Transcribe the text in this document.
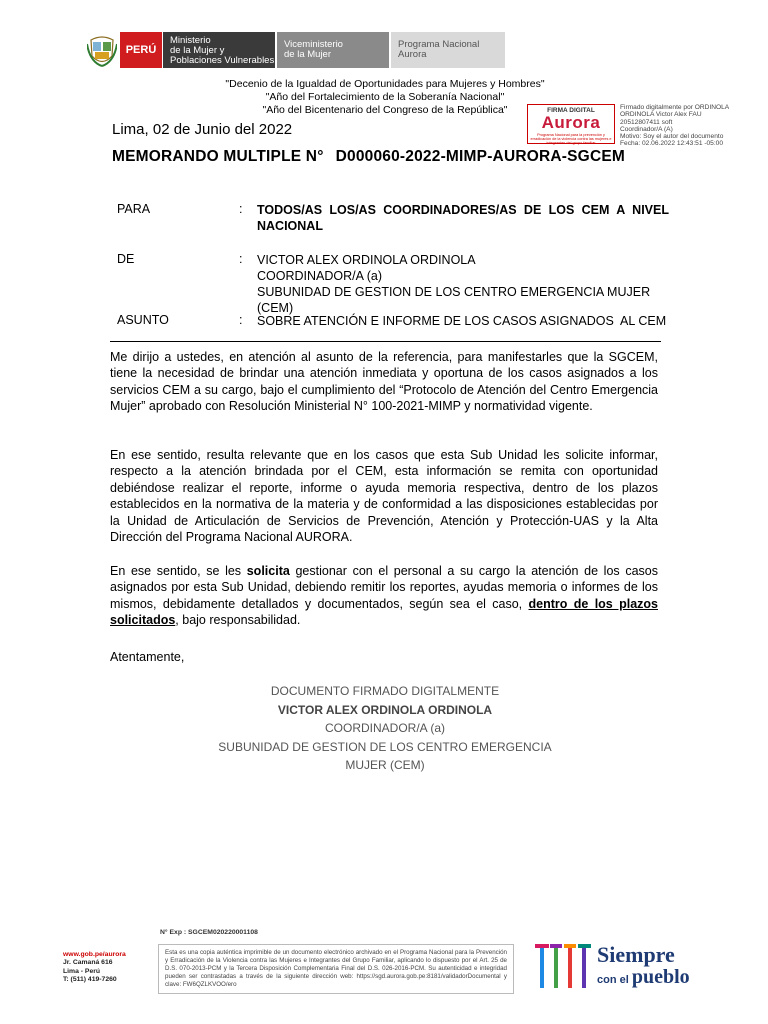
PERÚ
Ministerio
de la Mujer y
Poblaciones Vulnerables
Viceministerio
de la Mujer
Programa Nacional
Aurora
"Decenio de la Igualdad de Oportunidades para Mujeres y Hombres"
"Año del Fortalecimiento de la Soberanía Nacional"
"Año del Bicentenario del Congreso de la República"	FIRMA DIGITAL
Aurora
Programa Nacional para la prevención y erradicación de la violencia contra las mujeres e integrantes del grupo familiar
Firmado digitalmente por ORDINOLA
ORDINOLA Victor Alex FAU
20512807411 soft
Coordinador/A (A)
Motivo: Soy el autor del documento
Fecha: 02.06.2022 12:43:51 -05:00
Lima, 02 de Junio del 2022
MEMORANDO MULTIPLE N° D000060-2022-MIMP-AURORA-SGCEM
PARA	: TODOS/AS LOS/AS COORDINADORES/AS DE LOS CEM A NIVEL NACIONAL
DE	: VICTOR ALEX ORDINOLA ORDINOLA
COORDINADOR/A (a)
SUBUNIDAD DE GESTION DE LOS CENTRO EMERGENCIA MUJER (CEM)
ASUNTO	: SOBRE ATENCIÓN E INFORME DE LOS CASOS ASIGNADOS  AL CEM
Me dirijo a ustedes, en atención al asunto de la referencia, para manifestarles que la SGCEM, tiene la necesidad de brindar una atención inmediata y oportuna de los casos asignados a los servicios CEM a su cargo, bajo el cumplimiento del “Protocolo de Atención del Centro Emergencia Mujer” aprobado con Resolución Ministerial N° 100-2021-MIMP y normatividad vigente.
En ese sentido, resulta relevante que en los casos que esta Sub Unidad les solicite informar, respecto a la atención brindada por el CEM, esta información se remita con oportunidad debiéndose realizar el reporte, informe o ayuda memoria respectiva, dentro de los plazos establecidos en la normativa de la materia y de conformidad a las disposiciones establecidas por la Unidad de Articulación de Servicios de Prevención, Atención y Protección-UAS y la Alta Dirección del Programa Nacional AURORA.
En ese sentido, se les solicita gestionar con el personal a su cargo la atención de los casos asignados por esta Sub Unidad, debiendo remitir los reportes, ayudas memoria o informes de los mismos, debidamente detallados y documentados, según sea el caso, dentro de los plazos solicitados, bajo responsabilidad.
Atentamente,
DOCUMENTO FIRMADO DIGITALMENTE
VICTOR ALEX ORDINOLA ORDINOLA
COORDINADOR/A (a)
SUBUNIDAD DE GESTION DE LOS CENTRO EMERGENCIA
MUJER (CEM)
N° Exp : SGCEM020220001108
www.gob.pe/aurora
Jr. Camaná 616
Lima - Perú
T: (511) 419-7260
Esta es una copia auténtica imprimible de un documento electrónico archivado en el Programa Nacional para la Prevención y Erradicación de la Violencia contra las Mujeres e Integrantes del Grupo Familiar, aplicando lo dispuesto por el Art. 25 de D.S. 070-2013-PCM y la Tercera Disposición Complementaria Final del D.S. 026-2016-PCM. Su autenticidad e integridad pueden ser contrastadas a través de la siguiente dirección web: https://sgd.aurora.gob.pe:8181/validadorDocumental y clave: FW6QZLKVOO/ero
Siempre
con el pueblo
